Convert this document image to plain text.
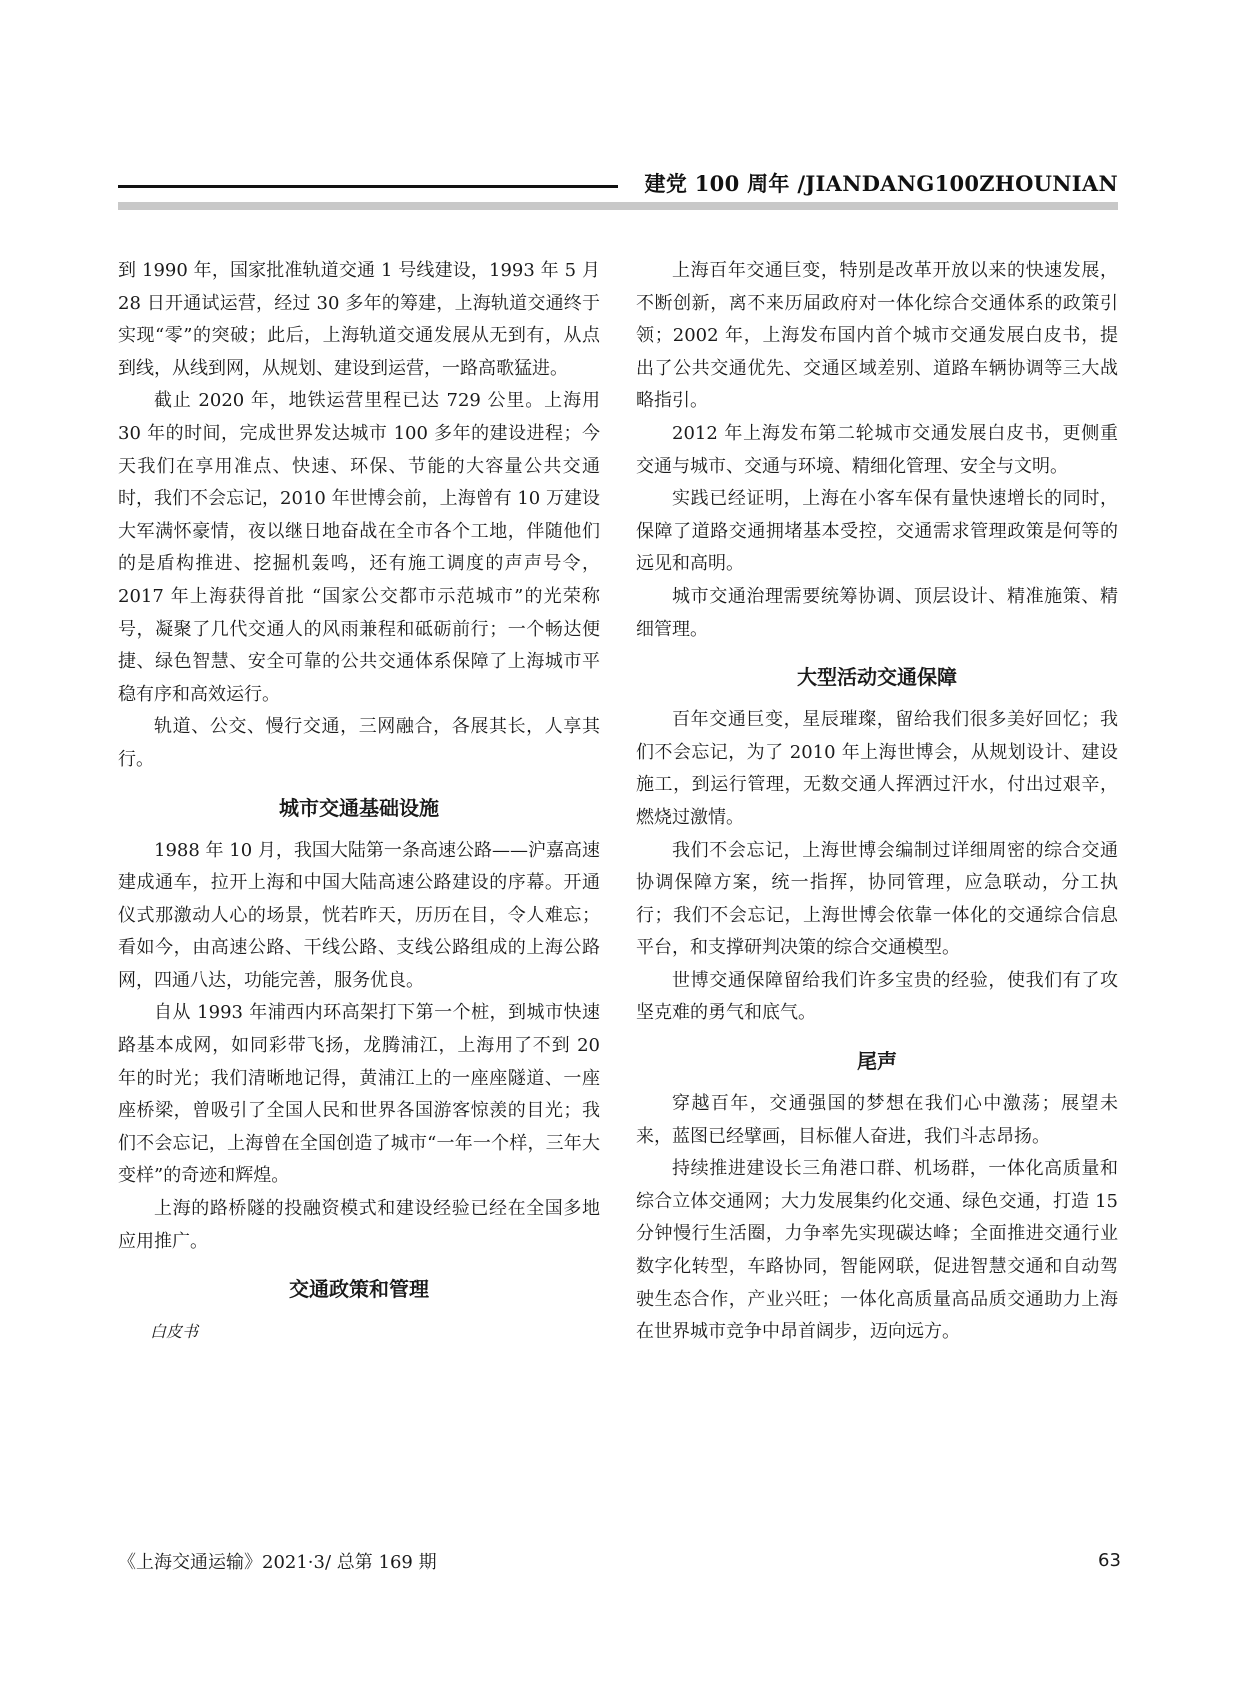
建党 100 周年 /JIANDANG100ZHOUNIAN

到 1990 年，国家批准轨道交通 1 号线建设，1993 年 5 月 28 日开通试运营，经过 30 多年的筹建，上海轨道交通终于实现“零”的突破；此后，上海轨道交通发展从无到有，从点到线，从线到网，从规划、建设到运营，一路高歌猛进。

截止 2020 年，地铁运营里程已达 729 公里。上海用 30 年的时间，完成世界发达城市 100 多年的建设进程；今天我们在享用准点、快速、环保、节能的大容量公共交通时，我们不会忘记，2010 年世博会前，上海曾有 10 万建设大军满怀豪情，夜以继日地奋战在全市各个工地，伴随他们的是盾构推进、挖掘机轰鸣，还有施工调度的声声号令，2017 年上海获得首批 “国家公交都市示范城市”的光荣称号，凝聚了几代交通人的风雨兼程和砥砺前行；一个畅达便捷、绿色智慧、安全可靠的公共交通体系保障了上海城市平稳有序和高效运行。

轨道、公交、慢行交通，三网融合，各展其长，人享其行。

城市交通基础设施

1988 年 10 月，我国大陆第一条高速公路——沪嘉高速建成通车，拉开上海和中国大陆高速公路建设的序幕。开通仪式那激动人心的场景，恍若昨天，历历在目，令人难忘；看如今，由高速公路、干线公路、支线公路组成的上海公路网，四通八达，功能完善，服务优良。

自从 1993 年浦西内环高架打下第一个桩，到城市快速路基本成网，如同彩带飞扬，龙腾浦江，上海用了不到 20 年的时光；我们清晰地记得，黄浦江上的一座座隧道、一座座桥梁，曾吸引了全国人民和世界各国游客惊羡的目光；我们不会忘记，上海曾在全国创造了城市“一年一个样，三年大变样”的奇迹和辉煌。

上海的路桥隧的投融资模式和建设经验已经在全国多地应用推广。

交通政策和管理

白皮书

上海百年交通巨变，特别是改革开放以来的快速发展，不断创新，离不来历届政府对一体化综合交通体系的政策引领；2002 年，上海发布国内首个城市交通发展白皮书，提出了公共交通优先、交通区域差别、道路车辆协调等三大战略指引。

2012 年上海发布第二轮城市交通发展白皮书，更侧重交通与城市、交通与环境、精细化管理、安全与文明。

实践已经证明，上海在小客车保有量快速增长的同时，保障了道路交通拥堵基本受控，交通需求管理政策是何等的远见和高明。

城市交通治理需要统筹协调、顶层设计、精准施策、精细管理。

大型活动交通保障

百年交通巨变，星辰璀璨，留给我们很多美好回忆；我们不会忘记，为了 2010 年上海世博会，从规划设计、建设施工，到运行管理，无数交通人挥洒过汗水，付出过艰辛，燃烧过激情。

我们不会忘记，上海世博会编制过详细周密的综合交通协调保障方案，统一指挥，协同管理，应急联动，分工执行；我们不会忘记，上海世博会依靠一体化的交通综合信息平台，和支撑研判决策的综合交通模型。

世博交通保障留给我们许多宝贵的经验，使我们有了攻坚克难的勇气和底气。

尾声

穿越百年，交通强国的梦想在我们心中激荡；展望未来，蓝图已经擘画，目标催人奋进，我们斗志昂扬。

持续推进建设长三角港口群、机场群，一体化高质量和综合立体交通网；大力发展集约化交通、绿色交通，打造 15 分钟慢行生活圈，力争率先实现碳达峰；全面推进交通行业数字化转型，车路协同，智能网联，促进智慧交通和自动驾驶生态合作，产业兴旺；一体化高质量高品质交通助力上海在世界城市竞争中昂首阔步，迈向远方。

《上海交通运输》2021·3/ 总第 169 期	63
